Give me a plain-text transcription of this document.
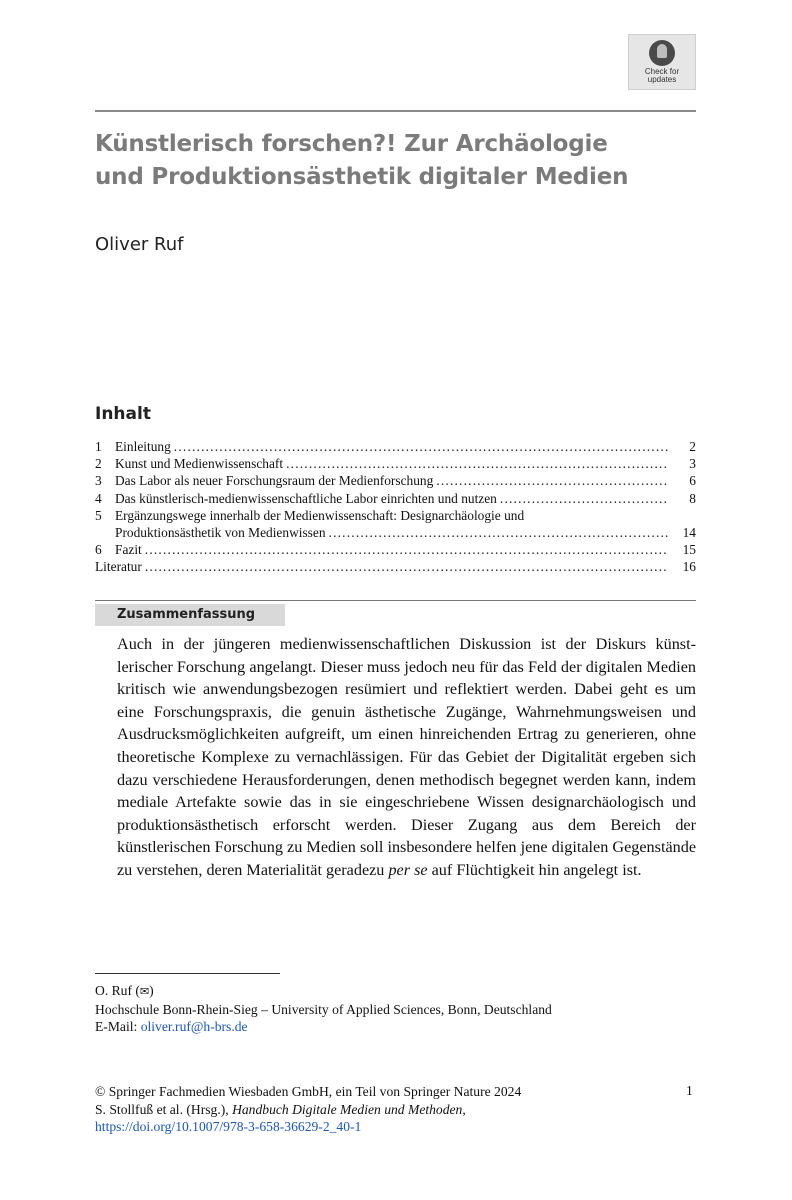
Check for
updates
Künstlerisch forschen?! Zur Archäologie
und Produktionsästhetik digitaler Medien
Oliver Ruf
Inhalt
1 Einleitung .....	2
2 Kunst und Medienwissenschaft .....	3
3 Das Labor als neuer Forschungsraum der Medienforschung .....	6
4 Das künstlerisch-medienwissenschaftliche Labor einrichten und nutzen .....	8
5 Ergänzungswege innerhalb der Medienwissenschaft: Designarchäologie und
Produktionsästhetik von Medienwissen .....	14
6 Fazit .....	15
Literatur .....	16
Zusammenfassung
Auch in der jüngeren medienwissenschaftlichen Diskussion ist der Diskurs künstlerischer Forschung angelangt. Dieser muss jedoch neu für das Feld der digitalen Medien kritisch wie anwendungsbezogen resümiert und reflektiert werden. Dabei geht es um eine Forschungspraxis, die genuin ästhetische Zugänge, Wahrnehmungsweisen und Ausdrucksmöglichkeiten aufgreift, um einen hinreichenden Ertrag zu generieren, ohne theoretische Komplexe zu vernachlässigen. Für das Gebiet der Digitalität ergeben sich dazu verschiedene Herausforderungen, denen methodisch begegnet werden kann, indem mediale Artefakte sowie das in sie eingeschriebene Wissen designarchäologisch und produktionsästhetisch erforscht werden. Dieser Zugang aus dem Bereich der künstlerischen Forschung zu Medien soll insbesondere helfen jene digitalen Gegenstände zu verstehen, deren Materialität geradezu per se auf Flüchtigkeit hin angelegt ist.
O. Ruf (✉)
Hochschule Bonn-Rhein-Sieg – University of Applied Sciences, Bonn, Deutschland
E-Mail: oliver.ruf@h-brs.de
© Springer Fachmedien Wiesbaden GmbH, ein Teil von Springer Nature 2024
S. Stollfuß et al. (Hrsg.), Handbuch Digitale Medien und Methoden,
https://doi.org/10.1007/978-3-658-36629-2_40-1
1
